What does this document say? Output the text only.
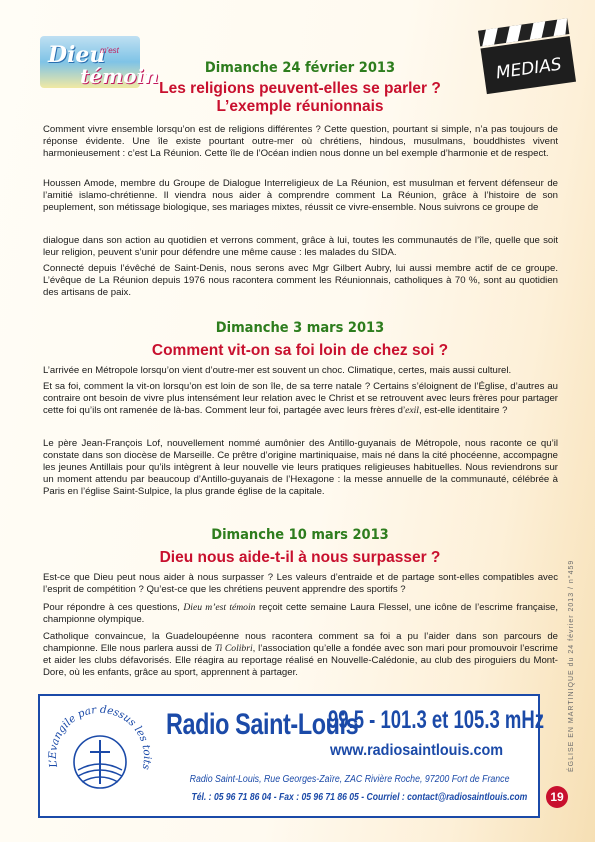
Dieu
m'est
témoin	MEDIAS
Dimanche 24 février 2013
Les religions peuvent-elles se parler ?
L’exemple réunionnais

Comment vivre ensemble lorsqu’on est de religions différentes ? Cette question, pourtant si simple, n’a pas toujours de réponse évidente. Une île existe pourtant outre-mer où chrétiens, hindous, musulmans, bouddhistes vivent harmonieusement : c’est La Réunion. Cette île de l’Océan indien nous donne un bel exemple d’harmonie et de respect.

Houssen Amode, membre du Groupe de Dialogue Interreligieux de La Réunion, est musulman et fervent défenseur de l’amitié islamo-chrétienne. Il viendra nous aider à comprendre comment La Réunion, grâce à l’histoire de son peuplement, son métissage biologique, ses mariages mixtes, réussit ce vivre-ensemble. Nous suivrons ce groupe de

dialogue dans son action au quotidien et verrons comment, grâce à lui, toutes les communautés de l’île, quelle que soit leur religion, peuvent s’unir pour défendre une même cause : les malades du SIDA.

Connecté depuis l’évêché de Saint-Denis, nous serons avec Mgr Gilbert Aubry, lui aussi membre actif de ce groupe. L’évêque de La Réunion depuis 1976 nous racontera comment les Réunionnais, catholiques à 70 %, sont au quotidien des artisans de paix.

Dimanche 3 mars 2013
Comment vit-on sa foi loin de chez soi ?

L’arrivée en Métropole lorsqu’on vient d’outre-mer est souvent un choc. Climatique, certes, mais aussi culturel.

Et sa foi, comment la vit-on lorsqu’on est loin de son île, de sa terre natale ? Certains s’éloignent de l’Église, d’autres au contraire ont besoin de vivre plus intensément leur relation avec le Christ et se retrouvent avec leurs frères pour partager cette foi qu’ils ont ramenée de là-bas. Comment leur foi, partagée avec leurs frères d’exil, est-elle identitaire ?

Le père Jean-François Lof, nouvellement nommé aumônier des Antillo-guyanais de Métropole, nous raconte ce qu’il constate dans son diocèse de Marseille. Ce prêtre d’origine martiniquaise, mais né dans la cité phocéenne, accompagne les jeunes Antillais pour qu’ils intègrent à leur nouvelle vie leurs pratiques religieuses habituelles. Nous reviendrons sur un moment attendu par beaucoup d’Antillo-guyanais de l’Hexagone : la messe annuelle de la communauté, célébrée à Paris en l’église Saint-Sulpice, la plus grande église de la capitale.

Dimanche 10 mars 2013
Dieu nous aide-t-il à nous surpasser ?

Est-ce que Dieu peut nous aider à nous surpasser ? Les valeurs d’entraide et de partage sont-elles compatibles avec l’esprit de compétition ? Qu’est-ce que les chrétiens peuvent apprendre des sportifs ?

Pour répondre à ces questions, Dieu m’est témoin reçoit cette semaine Laura Flessel, une icône de l’escrime française, championne olympique.

Catholique convaincue, la Guadeloupéenne nous racontera comment sa foi a pu l’aider dans son parcours de championne. Elle nous parlera aussi de Ti Colibri, l’association qu’elle a fondée avec son mari pour promouvoir l’escrime et aider les clubs défavorisés. Elle réagira au reportage réalisé en Nouvelle-Calédonie, au club des piroguiers du Mont-Dore, où les enfants, grâce au sport, apprennent à partager.

L’Evangile par dessus les toits
Radio Saint-Louis
99.5 - 101.3 et 105.3 mHz
www.radiosaintlouis.com
Radio Saint-Louis, Rue Georges-Zaïre, ZAC Rivière Roche, 97200 Fort de France
Tél. : 05 96 71 86 04 - Fax : 05 96 71 86 05 - Courriel : contact@radiosaintlouis.com
ÉGLISE EN MARTINIQUE du 24 février 2013 / n°459
19
